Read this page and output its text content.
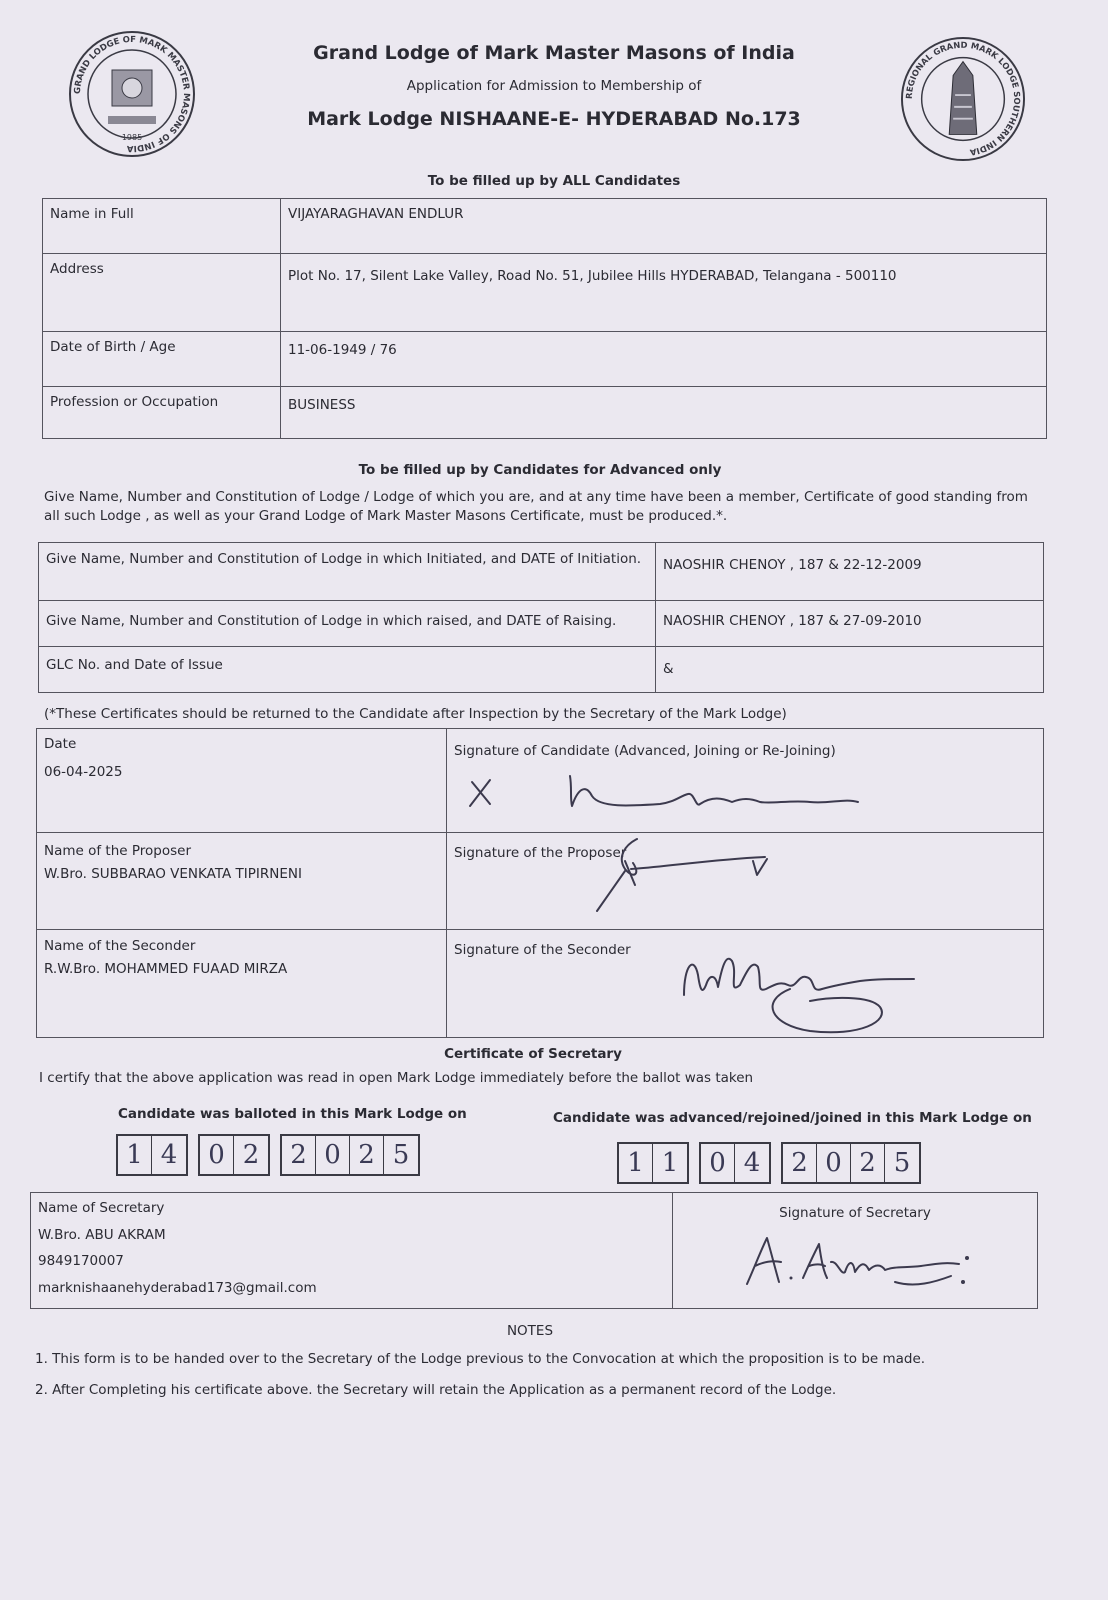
GRAND LODGE OF MARK MASTER MASONS OF INDIA
1985
REGIONAL GRAND MARK LODGE SOUTHERN INDIA
Grand Lodge of Mark Master Masons of India
Application for Admission to Membership of
Mark Lodge NISHAANE-E- HYDERABAD No.173
To be filled up by ALL Candidates
Name in Full	VIJAYARAGHAVAN ENDLUR
Address	Plot No. 17, Silent Lake Valley, Road No. 51, Jubilee Hills HYDERABAD, Telangana - 500110
Date of Birth / Age	11-06-1949 / 76
Profession or Occupation	BUSINESS
To be filled up by Candidates for Advanced only
Give Name, Number and Constitution of Lodge / Lodge of which you are, and at any time have been a member, Certificate of good standing from all such Lodge , as well as your Grand Lodge of Mark Master Masons Certificate, must be produced.*.
Give Name, Number and Constitution of Lodge in which Initiated, and DATE of Initiation.	NAOSHIR CHENOY , 187 & 22-12-2009
Give Name, Number and Constitution of Lodge in which raised, and DATE of Raising.	NAOSHIR CHENOY , 187 & 27-09-2010
GLC No. and Date of Issue	&
(*These Certificates should be returned to the Candidate after Inspection by the Secretary of the Mark Lodge)
Date
06-04-2025	Signature of Candidate (Advanced, Joining or Re-Joining)

Name of the Proposer
W.Bro. SUBBARAO VENKATA TIPIRNENI	Signature of the Proposer

Name of the Seconder
R.W.Bro. MOHAMMED FUAAD MIRZA	Signature of the Seconder
Certificate of Secretary
I certify that the above application was read in open Mark Lodge immediately before the ballot was taken
Candidate was balloted in this Mark Lodge on	Candidate was advanced/rejoined/joined in this Mark Lodge on
1 4	0 2	2 0 2 5	1 1	0 4	2 0 2 5
Name of Secretary
W.Bro. ABU AKRAM
9849170007
marknishaanehyderabad173@gmail.com

Signature of Secretary
NOTES
1. This form is to be handed over to the Secretary of the Lodge previous to the Convocation at which the proposition is to be made.
2. After Completing his certificate above. the Secretary will retain the Application as a permanent record of the Lodge.
